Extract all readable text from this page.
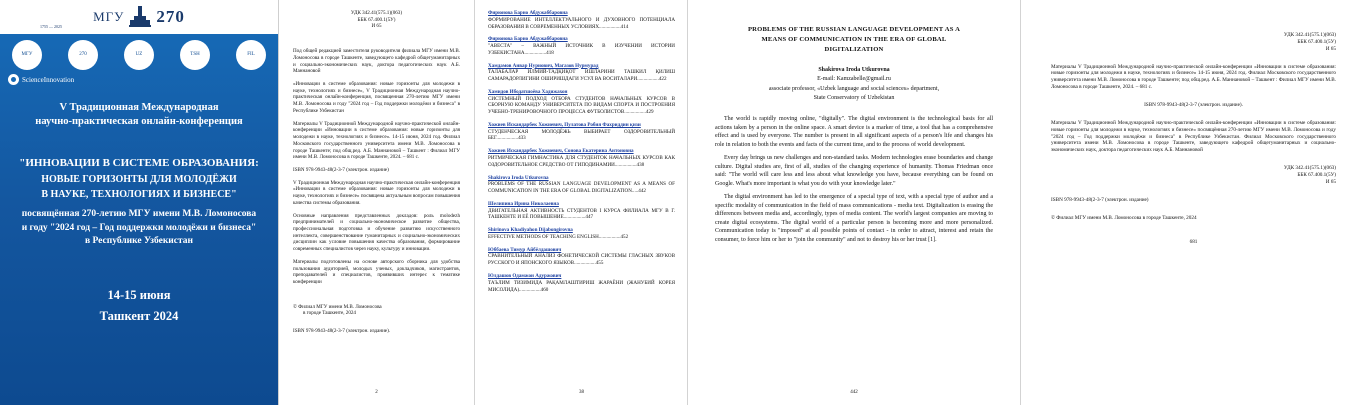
МГУ 270
1755 — 2025
МГУ	270	UZ	TSH	FIL
ScienceInnovation
V Традиционная Международная
научно-практическая онлайн-конференция
"ИННОВАЦИИ В СИСТЕМЕ ОБРАЗОВАНИЯ:
НОВЫЕ ГОРИЗОНТЫ ДЛЯ МОЛОДЁЖИ
В НАУКЕ, ТЕХНОЛОГИЯХ И БИЗНЕСЕ"
посвящённая 270-летию МГУ имени М.В. Ломоносова
и году "2024 год – Год поддержки молодёжи и бизнеса"
в Республике Узбекистан
14-15 июня
Ташкент 2024
УДК 342.41(575.1)(063)
ББК 67.400.1(5У)
И 65
Под общей редакцией заместителя руководителя филиала МГУ имени М.В. Ломоносова в городе Ташкенте, заведующего кафедрой общегуманитарных и социально-экономических наук, доктора педагогических наук А.Б. Маннановой
«Инновации в системе образования: новые горизонты для молодежи в науке, технологиях и бизнесе», V Традиционная Международная научно-практическая онлайн-конференция, посвященная 270-летию МГУ имени М.В. Ломоносова и году "2024 год – Год поддержки молодёжи и бизнеса" в Республике Узбекистан
Материалы V Традиционной Международной научно-практической онлайн-конференции «Инновации в системе образования: новые горизонты для молодежи в науке, технологиях и бизнесе». 14-15 июня, 2024 год. Филиал Московского государственного университета имени М.В. Ломоносова в городе Ташкенте; под общ.ред. А.Б. Маннановой – Ташкент : Филиал МГУ имени М.В. Ломоносова в городе Ташкенте, 2024. – 681 с.
ISBN 978-9943-48(2-3-7 (электрон. издание)
V Традиционная Международная научно-практическая онлайн-конференция «Инновации в системе образования: новые горизонты для молодежи в науке, технологиях и бизнесе» посвящена актуальным вопросам повышения качества системы образования.
Основные направления представленных докладов: роль molodezh предпринимателей и социально-экономическое развитие общества, профессиональная подготовка и обучение развитию искусственного интеллекта, совершенствование гуманитарных и социально-экономических дисциплин как условие повышения качества образования, формирование современных специалистов через науку, культуру и инновации.
Материалы подготовлены на основе авторского сборника для удобства пользования аудиторией, молодых ученых, докладчиков, магистрантов, преподавателей и специалистов, проявивших интерес к тематике конференции
© Филиал МГУ имени М.В. Ломоносова
в городе Ташкенте, 2024
ISBN 978-9943-48(2-3-7 (электрон. издание).
2
Фирюнова Барно Абдужаббаровна
ФОРМИРОВАНИЕ ИНТЕЛЛЕКТУАЛЬНОГО И ДУХОВНОГО ПОТЕНЦИАЛА ОБРАЗОВАНИЯ В СОВРЕМЕННЫХ УСЛОВИЯХ.................414
Фирюнова Барно Абдужаббаровна
"АВЕСТА" – ВАЖНЫЙ ИСТОЧНИК В ИЗУЧЕНИИ ИСТОРИИ УЗБЕКИСТАНА.................418
Хамдамов Анвар Нуриович, Магазов Нурмурад
ТАЛАБАЛАР ИЛМИЙ-ТАДҚИҚОТ ИШЛАРИНИ ТАШКИЛ ҚИЛИШ САМАРАДОРЛИГИНИ ОШИРИШДАГИ УСУЛ ВА ВОСИТАЛАРИ.................422
Хамидов Ибодатшоёва Хадижахон
СИСТЕМНЫЙ ПОДХОД ОТБОРА СТУДЕНТОВ НАЧАЛЬНЫХ КУРСОВ В СБОРНУЮ КОМАНДУ УНИВЕРСИТЕТА ПО ВИДАМ СПОРТА И ПОСТРОЕНИЯ УЧЕБНО-ТРЕНИРОВОЧНОГО ПРОЦЕССА ФУТБОЛИСТОВ.................429
Хожиев Искандарбек Хожиевич, Пулатова Робия Фахриддин қизи
СТУДЕНЧЕСКАЯ МОЛОДЁЖЬ ВЫБИРАЕТ ОЗДОРОВИТЕЛЬНЫЙ БЕГ.................433
Хожиев Искандарбек Хожиевич, Сонова Екатерина Антоновна
РИТМИЧЕСКАЯ ГИМНАСТИКА ДЛЯ СТУДЕНТОК НАЧАЛЬНЫХ КУРСОВ КАК ОЗДОРОВИТЕЛЬНОЕ СРЕДСТВО ОТ ГИПОДИНАМИИ.................438
Shakirova Iroda Utkurovna
PROBLEMS OF THE RUSSIAN LANGUAGE DEVELOPMENT AS A MEANS OF COMMUNICATION IN THE ERA OF GLOBAL DIGITALIZATION.....442
Шелипина Ирина Николаевна
ДВИГАТЕЛЬНАЯ АКТИВНОСТЬ СТУДЕНТОВ I КУРСА ФИЛИАЛА МГУ В Г. ТАШКЕНТЕ И ЕЁ ПОВЫШЕНИЕ.................447
Shirinova Khadiyahon Dijabongirovna
EFFECTIVE METHODS OF TEACHING ENGLISH.................452
Юббаева Тимур Айбёлдашович
СРАВНИТЕЛЬНЫЙ АНАЛИЗ ФОНЕТИЧЕСКОЙ СИСТЕМЫ ГЛАСНЫХ ЗВУКОВ РУССКОГО И ЯПОНСКОГО ЯЗЫКОВ.................455
Юлдашов Одамжон Адуржович
ТАЪЛИМ ТИЗИМИДА РАҚАМЛАШТИРИШ ЖАРАЁНИ (ЖАНУБИЙ КОРЕЯ МИСОЛИДА).................460
38
PROBLEMS OF THE RUSSIAN LANGUAGE DEVELOPMENT AS A
MEANS OF COMMUNICATION IN THE ERA OF GLOBAL
DIGITALIZATION
Shakirova Iroda Utkurovna
E-mail: Kamzabelle@gmail.ru
associate professor, «Uzbek language and social sciences» department,
State Conservatory of Uzbekistan

The world is rapidly moving online, "digitally". The digital environment is the technological basis for all actions taken by a person in the online space. A smart device is a marker of time, a tool that has a comprehensive effect and is used by everyone. The number is present in all significant aspects of a person's life and changes his role in relation to both the events and facts of the current time, and to the process of world development.

Every day brings us new challenges and non-standard tasks. Modern technologies erase boundaries and change culture. Digital studies are, first of all, studies of the changing experience of humanity. Thomas Friedman once said: "The world will care less and less about what knowledge you have, because everything can be found on Google. What's more important is what you do with your knowledge later."

The digital environment has led to the emergence of a special type of text, with a special type of author and a specific modality of communication in the field of mass communications - media text. Digitalization is erasing the differences between media and, accordingly, types of media content. The world's largest companies are moving to create digital ecosystems. The digital world of a particular person is becoming more and more personalized. Communication today is "imposed" at all possible points of contact - in order to attract, interest and retain the consumer, to force him or her to "join the community" and not to destroy his or her trust [1].

442
УДК 342.41(575.1)(063)
ББК 67.400.1(5У)
И 65
Материалы V Традиционной Международной научно-практической онлайн-конференции «Инновации в системе образования: новые горизонты для молодежи в науке, технологиях и бизнесе» 14-15 июня, 2024 год. Филиал Московского государственного университета имени М.В. Ломоносова в городе Ташкенте; под общ.ред. А.Б. Маннановой – Ташкент : Филиал МГУ имени М.В. Ломоносова в городе Ташкенте, 2024. – 681 с.
ISBN 978-9943-48(2-3-7 (электрон. издание).
Материалы V Традиционной Международной научно-практической онлайн-конференции «Инновации в системе образования: новые горизонты для молодежи в науке, технологиях и бизнесе» посвящённая 270-летию МГУ имени М.В. Ломоносова и году "2024 год – Год поддержки молодёжи и бизнеса" в Республике Узбекистан. Филиал Московского государственного университета имени М.В. Ломоносова в городе Ташкенте, заведующего кафедрой общегуманитарных и социально-экономических наук, доктора педагогических наук А.Б. Маннановой
УДК 342.41(575.1)(063)
ББК 67.400.1(5У)
И 65
ISBN 978-9943-48(2-3-7 (электрон. издание)
© Филиал МГУ имени М.В. Ломоносова в городе Ташкенте, 2024
681
